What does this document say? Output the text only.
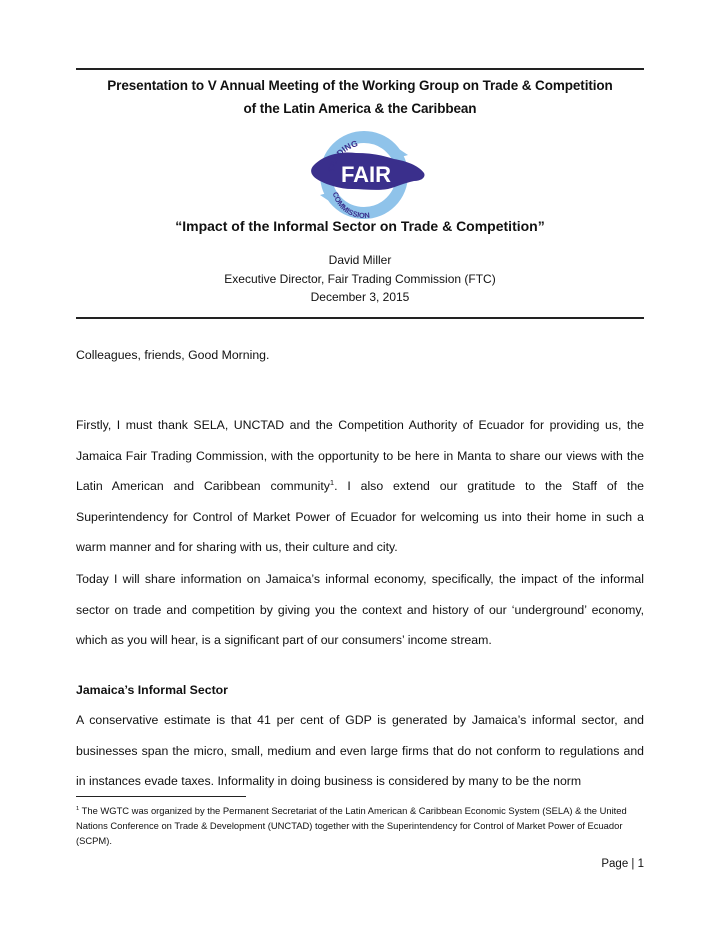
Presentation to V Annual Meeting of the Working Group on Trade & Competition
of the Latin America & the Caribbean
TRADING
FAIR
COMMISSION
“Impact of the Informal Sector on Trade & Competition”
David Miller
Executive Director, Fair Trading Commission (FTC)
December 3, 2015

Colleagues, friends, Good Morning.

Firstly, I must thank SELA, UNCTAD and the Competition Authority of Ecuador for providing us, the Jamaica Fair Trading Commission, with the opportunity to be here in Manta to share our views with the Latin American and Caribbean community$^1$. I also extend our gratitude to the Staff of the Superintendency for Control of Market Power of Ecuador for welcoming us into their home in such a warm manner and for sharing with us, their culture and city.

Today I will share information on Jamaica’s informal economy, specifically, the impact of the informal sector on trade and competition by giving you the context and history of our ‘underground’ economy, which as you will hear, is a significant part of our consumers’ income stream.

Jamaica’s Informal Sector

A conservative estimate is that 41 per cent of GDP is generated by Jamaica’s informal sector, and businesses span the micro, small, medium and even large firms that do not conform to regulations and in instances evade taxes. Informality in doing business is considered by many to be the norm

$^1$ The WGTC was organized by the Permanent Secretariat of the Latin American & Caribbean Economic System (SELA) & the United Nations Conference on Trade & Development (UNCTAD) together with the Superintendency for Control of Market Power of Ecuador (SCPM).

Page | 1
